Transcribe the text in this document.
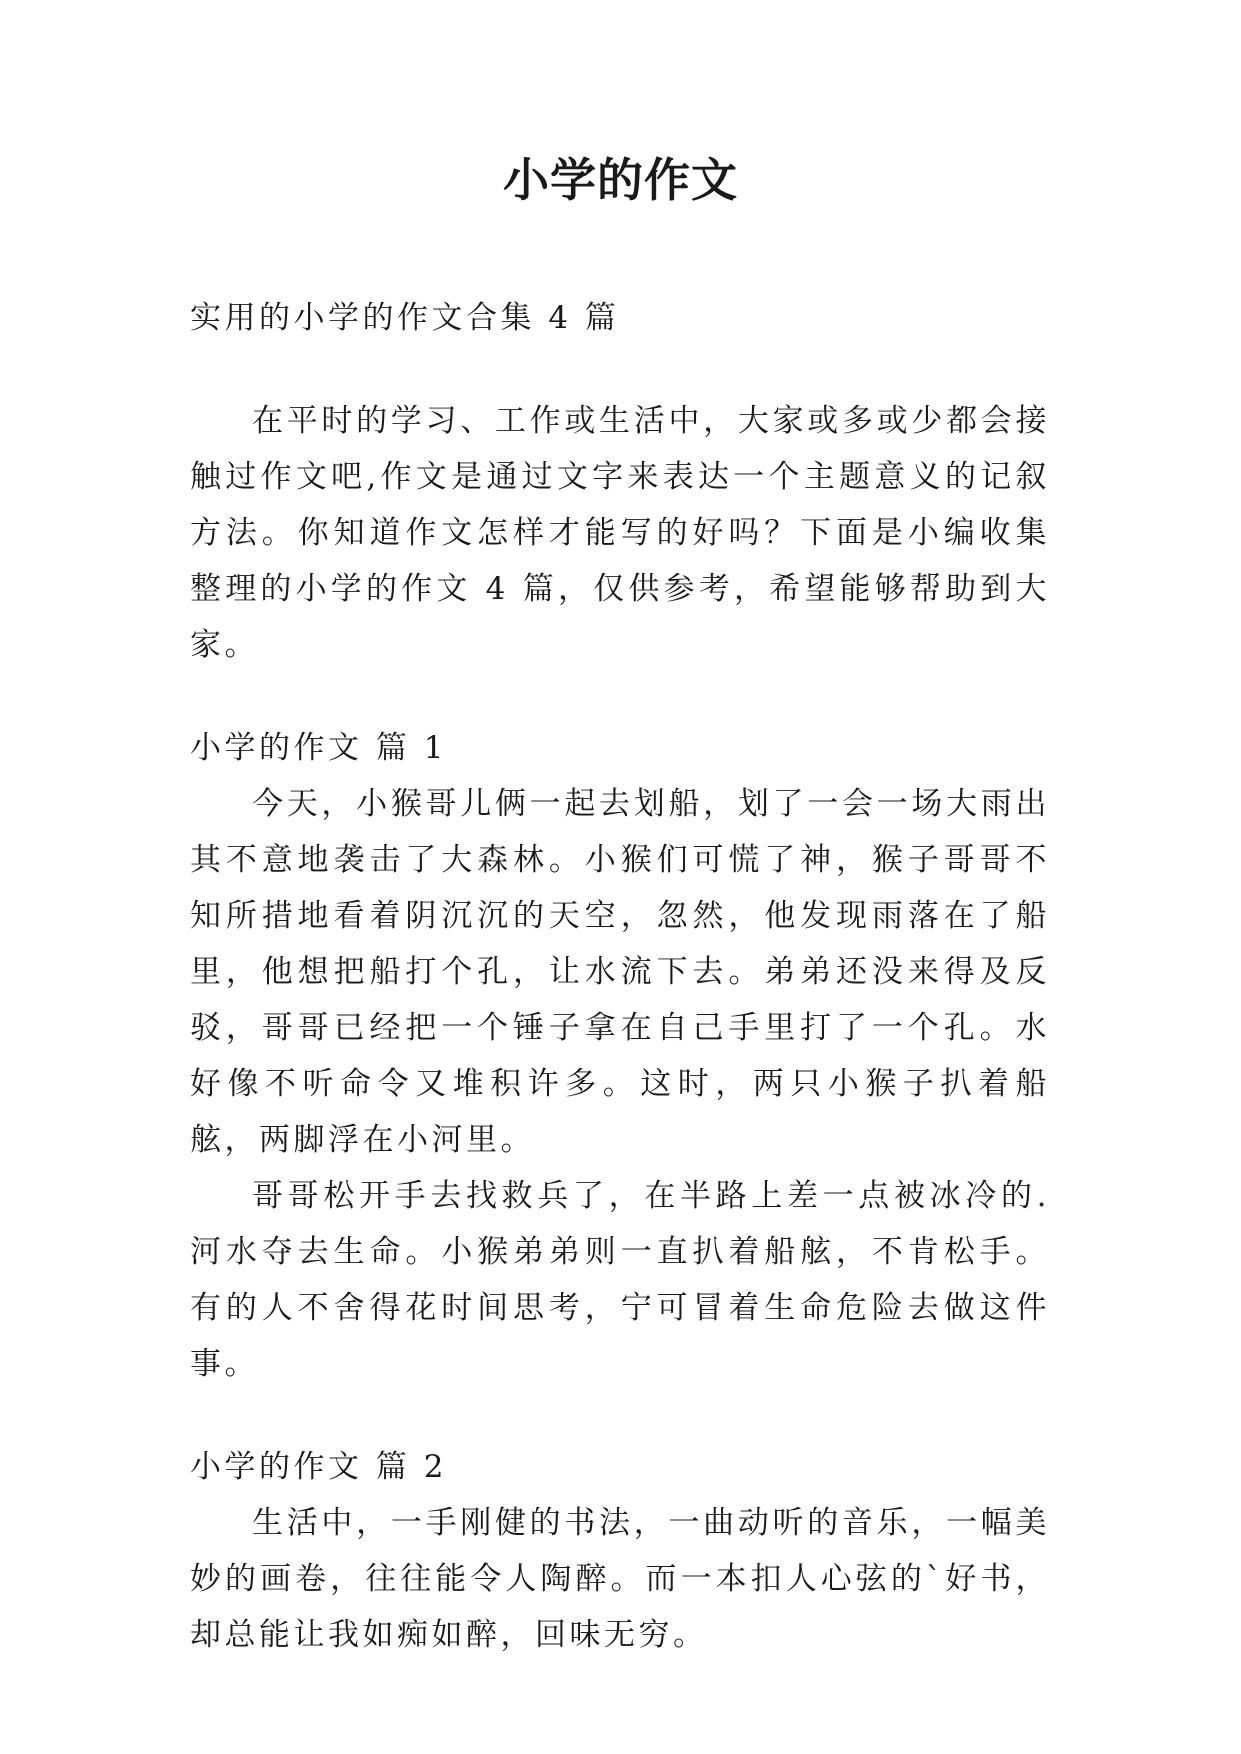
小学的作文

实用的小学的作文合集 4 篇

在平时的学习、工作或生活中，大家或多或少都会接触过作文吧,作文是通过文字来表达一个主题意义的记叙方法。你知道作文怎样才能写的好吗？下面是小编收集整理的小学的作文 4 篇，仅供参考，希望能够帮助到大家。

小学的作文 篇 1

今天，小猴哥儿俩一起去划船，划了一会一场大雨出其不意地袭击了大森林。小猴们可慌了神，猴子哥哥不知所措地看着阴沉沉的天空，忽然，他发现雨落在了船里，他想把船打个孔，让水流下去。弟弟还没来得及反驳，哥哥已经把一个锤子拿在自己手里打了一个孔。水好像不听命令又堆积许多。这时，两只小猴子扒着船舷，两脚浮在小河里。

哥哥松开手去找救兵了，在半路上差一点被冰冷的.河水夺去生命。小猴弟弟则一直扒着船舷，不肯松手。有的人不舍得花时间思考，宁可冒着生命危险去做这件事。

小学的作文 篇 2

生活中，一手刚健的书法，一曲动听的音乐，一幅美妙的画卷，往往能令人陶醉。而一本扣人心弦的`好书，却总能让我如痴如醉，回味无穷。
